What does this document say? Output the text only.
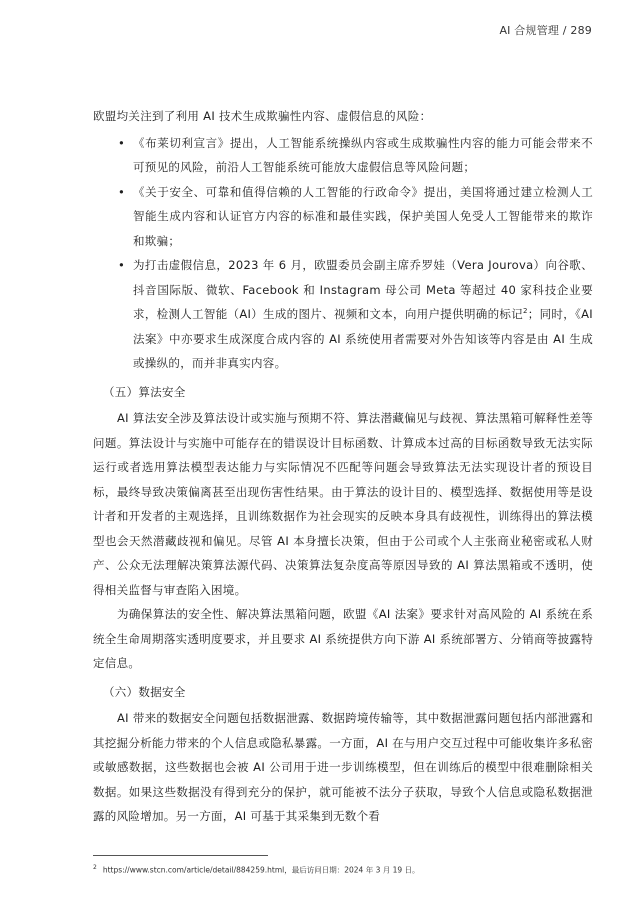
AI 合规管理 / 289

欧盟均关注到了利用 AI 技术生成欺骗性内容、虚假信息的风险：

• 《布莱切利宣言》提出，人工智能系统操纵内容或生成欺骗性内容的能力可能会带来不可预见的风险，前沿人工智能系统可能放大虚假信息等风险问题；
• 《关于安全、可靠和值得信赖的人工智能的行政命令》提出，美国将通过建立检测人工智能生成内容和认证官方内容的标准和最佳实践，保护美国人免受人工智能带来的欺诈和欺骗；
• 为打击虚假信息，2023 年 6 月，欧盟委员会副主席乔罗娃（Vera Jourova）向谷歌、抖音国际版、微软、Facebook 和 Instagram 母公司 Meta 等超过 40 家科技企业要求，检测人工智能（AI）生成的图片、视频和文本，向用户提供明确的标记$^2$；同时，《AI 法案》中亦要求生成深度合成内容的 AI 系统使用者需要对外告知该等内容是由 AI 生成或操纵的，而并非真实内容。
（五）算法安全

AI 算法安全涉及算法设计或实施与预期不符、算法潜藏偏见与歧视、算法黑箱可解释性差等问题。算法设计与实施中可能存在的错误设计目标函数、计算成本过高的目标函数导致无法实际运行或者选用算法模型表达能力与实际情况不匹配等问题会导致算法无法实现设计者的预设目标，最终导致决策偏离甚至出现伤害性结果。由于算法的设计目的、模型选择、数据使用等是设计者和开发者的主观选择，且训练数据作为社会现实的反映本身具有歧视性，训练得出的算法模型也会天然潜藏歧视和偏见。尽管 AI 本身擅长决策，但由于公司或个人主张商业秘密或私人财产、公众无法理解决策算法源代码、决策算法复杂度高等原因导致的 AI 算法黑箱或不透明，使得相关监督与审查陷入困境。

为确保算法的安全性、解决算法黑箱问题，欧盟《AI 法案》要求针对高风险的 AI 系统在系统全生命周期落实透明度要求，并且要求 AI 系统提供方向下游 AI 系统部署方、分销商等披露特定信息。

（六）数据安全

AI 带来的数据安全问题包括数据泄露、数据跨境传输等，其中数据泄露问题包括内部泄露和其挖掘分析能力带来的个人信息或隐私暴露。一方面，AI 在与用户交互过程中可能收集许多私密或敏感数据，这些数据也会被 AI 公司用于进一步训练模型，但在训练后的模型中很难删除相关数据。如果这些数据没有得到充分的保护，就可能被不法分子获取，导致个人信息或隐私数据泄露的风险增加。另一方面，AI 可基于其采集到无数个看

$^2$ https://www.stcn.com/article/detail/884259.html，最后访问日期：2024 年 3 月 19 日。
